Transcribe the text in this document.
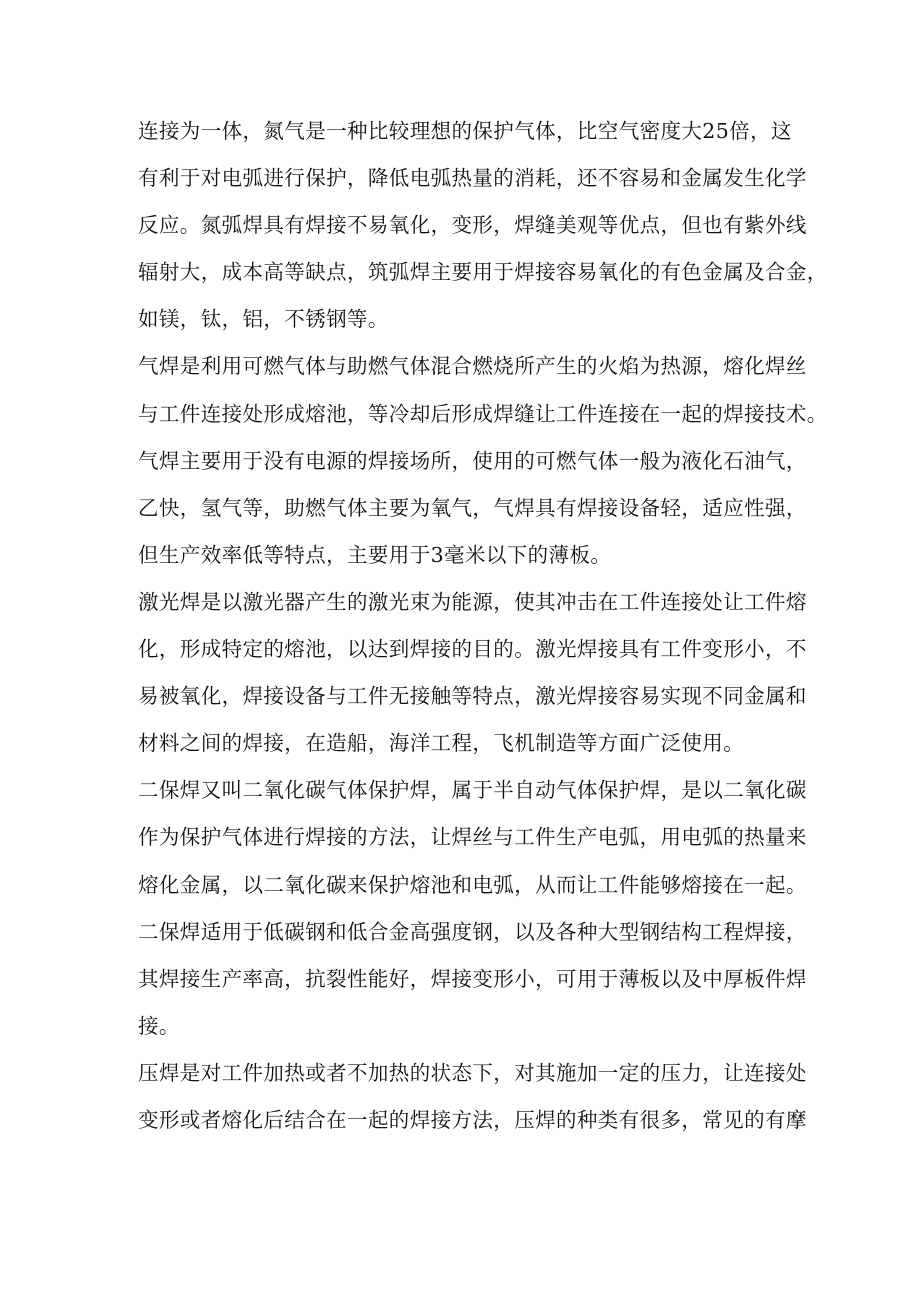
连接为一体，氮气是一种比较理想的保护气体，比空气密度大25倍，这
有利于对电弧进行保护，降低电弧热量的消耗，还不容易和金属发生化学
反应。氮弧焊具有焊接不易氧化，变形，焊缝美观等优点，但也有紫外线
辐射大，成本高等缺点，筑弧焊主要用于焊接容易氧化的有色金属及合金，
如镁，钛，铝，不锈钢等。

气焊是利用可燃气体与助燃气体混合燃烧所产生的火焰为热源，熔化焊丝
与工件连接处形成熔池，等冷却后形成焊缝让工件连接在一起的焊接技术。
气焊主要用于没有电源的焊接场所，使用的可燃气体一般为液化石油气，
乙快，氢气等，助燃气体主要为氧气，气焊具有焊接设备轻，适应性强，
但生产效率低等特点，主要用于3毫米以下的薄板。

激光焊是以激光器产生的激光束为能源，使其冲击在工件连接处让工件熔
化，形成特定的熔池，以达到焊接的目的。激光焊接具有工件变形小，不
易被氧化，焊接设备与工件无接触等特点，激光焊接容易实现不同金属和
材料之间的焊接，在造船，海洋工程，飞机制造等方面广泛使用。

二保焊又叫二氧化碳气体保护焊，属于半自动气体保护焊，是以二氧化碳
作为保护气体进行焊接的方法，让焊丝与工件生产电弧，用电弧的热量来
熔化金属，以二氧化碳来保护熔池和电弧，从而让工件能够熔接在一起。
二保焊适用于低碳钢和低合金高强度钢，以及各种大型钢结构工程焊接，
其焊接生产率高，抗裂性能好，焊接变形小，可用于薄板以及中厚板件焊
接。

压焊是对工件加热或者不加热的状态下，对其施加一定的压力，让连接处
变形或者熔化后结合在一起的焊接方法，压焊的种类有很多，常见的有摩
